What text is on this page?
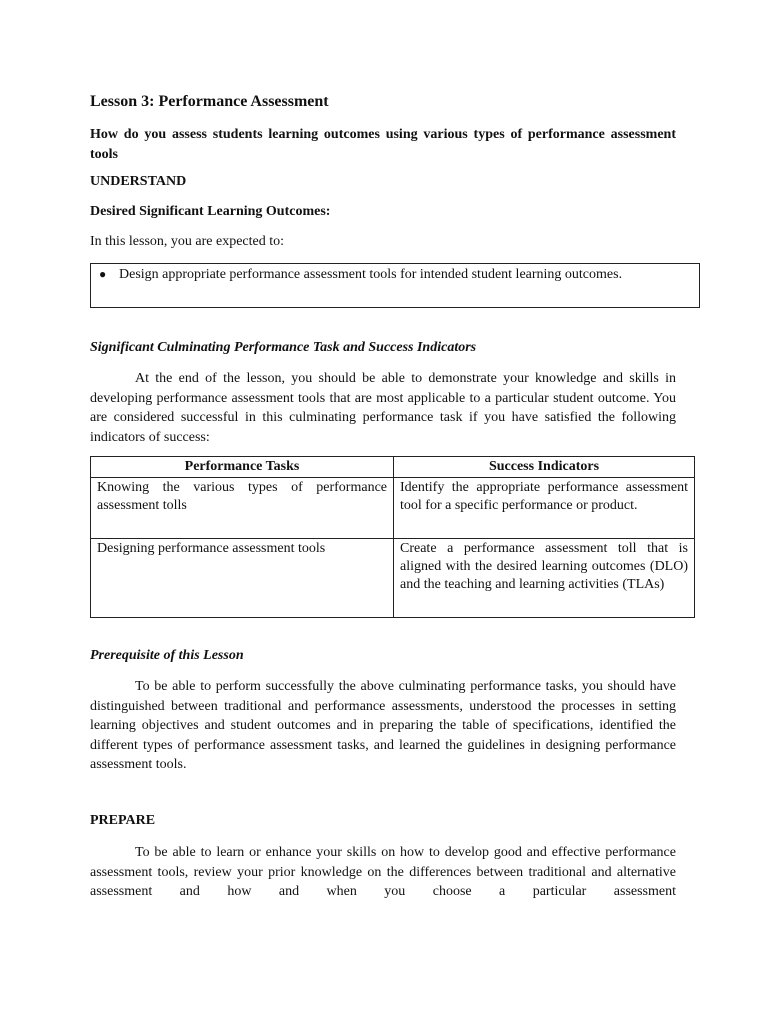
Lesson 3: Performance Assessment

How do you assess students learning outcomes using various types of performance assessment tools

UNDERSTAND

Desired Significant Learning Outcomes:

In this lesson, you are expected to:

● Design appropriate performance assessment tools for intended student learning outcomes.

Significant Culminating Performance Task and Success Indicators

At the end of the lesson, you should be able to demonstrate your knowledge and skills in developing performance assessment tools that are most applicable to a particular student outcome. You are considered successful in this culminating performance task if you have satisfied the following indicators of success:

Performance Tasks	Success Indicators
Knowing the various types of performance assessment tolls	Identify the appropriate performance assessment tool for a specific performance or product.
Designing performance assessment tools	Create a performance assessment toll that is aligned with the desired learning outcomes (DLO) and the teaching and learning activities (TLAs)

Prerequisite of this Lesson

To be able to perform successfully the above culminating performance tasks, you should have distinguished between traditional and performance assessments, understood the processes in setting learning objectives and student outcomes and in preparing the table of specifications, identified the different types of performance assessment tasks, and learned the guidelines in designing performance assessment tools.

PREPARE

To be able to learn or enhance your skills on how to develop good and effective performance assessment tools, review your prior knowledge on the differences between traditional and alternative assessment and how and when you choose a particular assessment
